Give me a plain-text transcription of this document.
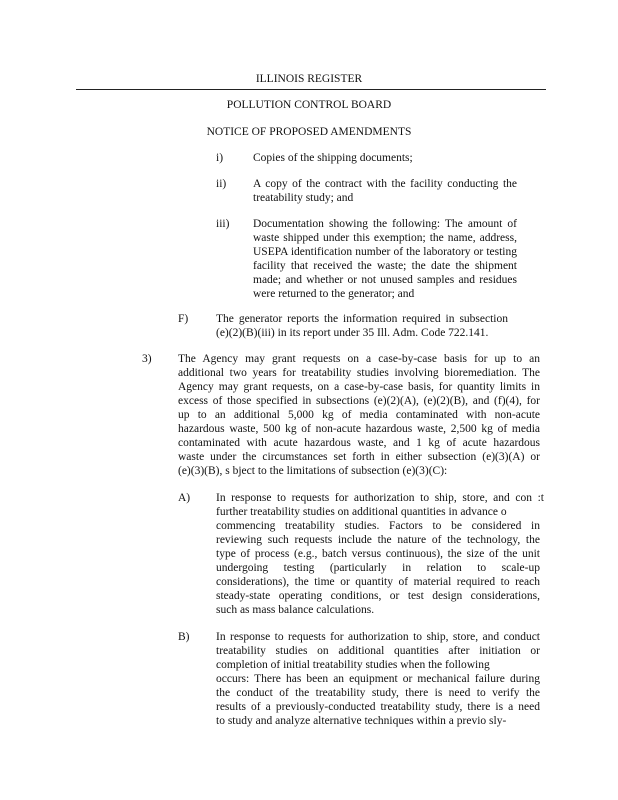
ILLINOIS REGISTER
POLLUTION CONTROL BOARD
NOTICE OF PROPOSED AMENDMENTS
i)	Copies of the shipping documents;
ii) A copy of the contract with the facility conducting the
treatability study; and
iii) Documentation showing the following: The amount of
waste shipped under this exemption; the name, address,
USEPA identification number of the laboratory or testing
facility that received the waste; the date the shipment
made; and whether or not unused samples and residues
were returned to the generator; and
F) The generator reports the information required in subsection
(e)(2)(B)(iii) in its report under 35 Ill. Adm. Code 722.141.
3) The Agency may grant requests on a case-by-case basis for up to an
additional two years for treatability studies involving bioremediation. The
Agency may grant requests, on a case-by-case basis, for quantity limits in
excess of those specified in subsections (e)(2)(A), (e)(2)(B), and (f)(4), for
up to an additional 5,000 kg of media contaminated with non-acute
hazardous waste, 500 kg of non-acute hazardous waste, 2,500 kg of media
contaminated with acute hazardous waste, and 1 kg of acute hazardous
waste under the circumstances set forth in either subsection (e)(3)(A) or
(e)(3)(B), s bject to the limitations of subsection (e)(3)(C):
A) In response to requests for authorization to ship, store, and con :t
further treatability studies on additional quantities in advance o
commencing treatability studies. Factors to be considered in
reviewing such requests include the nature of the technology, the
type of process (e.g., batch versus continuous), the size of the unit
undergoing testing (particularly in relation to scale-up
considerations), the time or quantity of material required to reach
steady-state operating conditions, or test design considerations,
such as mass balance calculations.
B) In response to requests for authorization to ship, store, and conduct
treatability studies on additional quantities after initiation or
completion of initial treatability studies when the following
occurs: There has been an equipment or mechanical failure during
the conduct of the treatability study, there is need to verify the
results of a previously-conducted treatability study, there is a need
to study and analyze alternative techniques within a previo sly-
